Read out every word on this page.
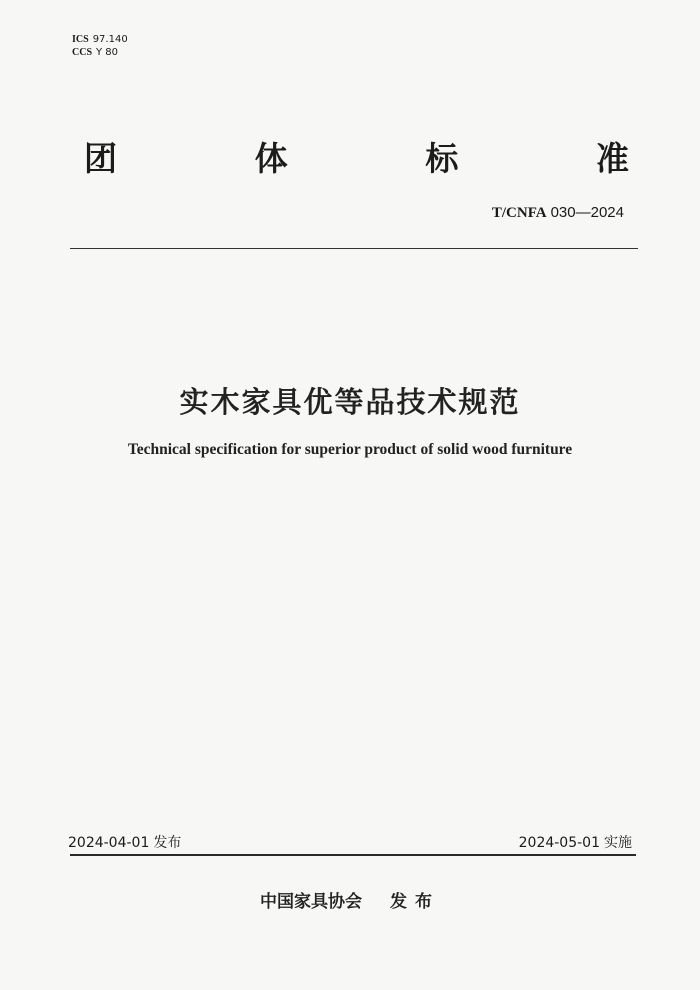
ICS 97.140
CCS Y 80
团	体	标	准
T/CNFA 030—2024
实木家具优等品技术规范
Technical specification for superior product of solid wood furniture
2024-04-01 发布	2024-05-01 实施
中国家具协会 发布
